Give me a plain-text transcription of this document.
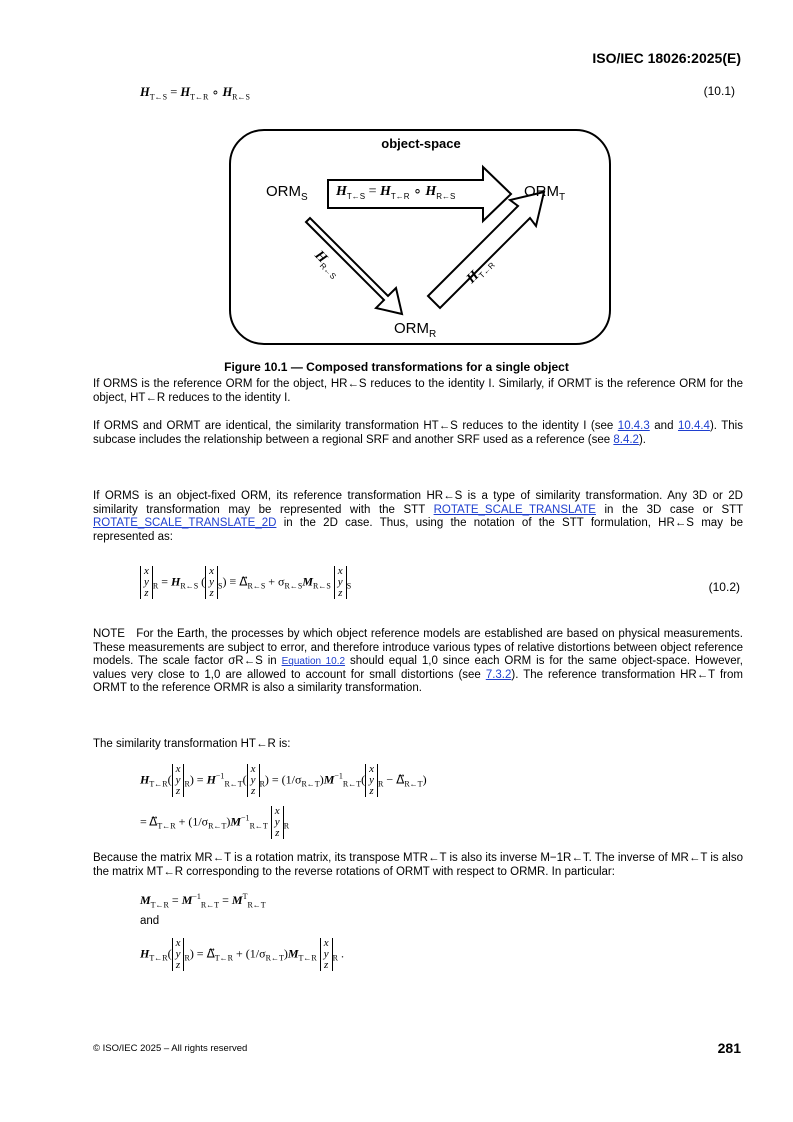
ISO/IEC 18026:2025(E)
$H_{T\leftarrow S} = H_{T\leftarrow R}$ ∘ $H_{R\leftarrow S}$	(10.1)
object-space
$ORM_S$	$ORM_T$
$ORM_R$
$H_{T\leftarrow S} = H_{T\leftarrow R}$ ∘ $H_{R\leftarrow S}$
$H_{R\leftarrow S}$	$H_{T\leftarrow R}$
Figure 10.1 — Composed transformations for a single object
If ORMS is the reference ORM for the object, HR←S reduces to the identity I. Similarly, if ORMT is the reference ORM for the object, HT←R reduces to the identity I.
If ORMS and ORMT are identical, the similarity transformation HT←S reduces to the identity I (see 10.4.3 and 10.4.4). This subcase includes the relationship between a regional SRF and another SRF used as a reference (see 8.4.2).
If ORMS is an object-fixed ORM, its reference transformation HR←S is a type of similarity transformation. Any 3D or 2D similarity transformation may be represented with the STT ROTATE_SCALE_TRANSLATE in the 3D case or STT ROTATE_SCALE_TRANSLATE_2D in the 2D case. Thus, using the notation of the STT formulation, HR←S may be represented as:
x
y
$z_R = H_{R\leftarrow S}$ (x
y
$z_S$) ≡ $\Delta⃗_{R\leftarrow S} + \sigma_{R\leftarrow S}M_{R\leftarrow S}$ x
y
$z_S$	(10.2)
NOTE For the Earth, the processes by which object reference models are established are based on physical measurements. These measurements are subject to error, and therefore introduce various types of relative distortions between object reference models. The scale factor σR←S in Equation 10.2 should equal 1,0 since each ORM is for the same object-space. However, values very close to 1,0 are allowed to account for small distortions (see 7.3.2). The reference transformation HR←T from ORMT to the reference ORMR is also a similarity transformation.
The similarity transformation HT←R is:
$H_{T\leftarrow R}(x$
y
$z_R) = H^{-1}_{R\leftarrow T}(x$
y
$z_R) = (1/\sigma_{R\leftarrow T})M^{-1}_{R\leftarrow T}(x$
y
$z_R$ − $\Delta⃗_{R\leftarrow T}$)
= $\Delta⃗_{T\leftarrow R} + (1/\sigma_{R\leftarrow T})M^{-1}_{R\leftarrow T}$ x
y
$z_R$
Because the matrix MR←T is a rotation matrix, its transpose MTR←T is also its inverse M−1R←T. The inverse of MR←T is also the matrix MT←R corresponding to the reverse rotations of ORMT with respect to ORMR. In particular:
$M_{T\leftarrow R} = M^{-1}_{R\leftarrow T} = M^T_{R\leftarrow T}$
and
$H_{T\leftarrow R}(x$
y
$z_R$) = $\Delta⃗_{T\leftarrow R} + (1/\sigma_{R\leftarrow T})M_{T\leftarrow R}$ x
y
$z_R$ .
© ISO/IEC 2025 – All rights reserved	281
